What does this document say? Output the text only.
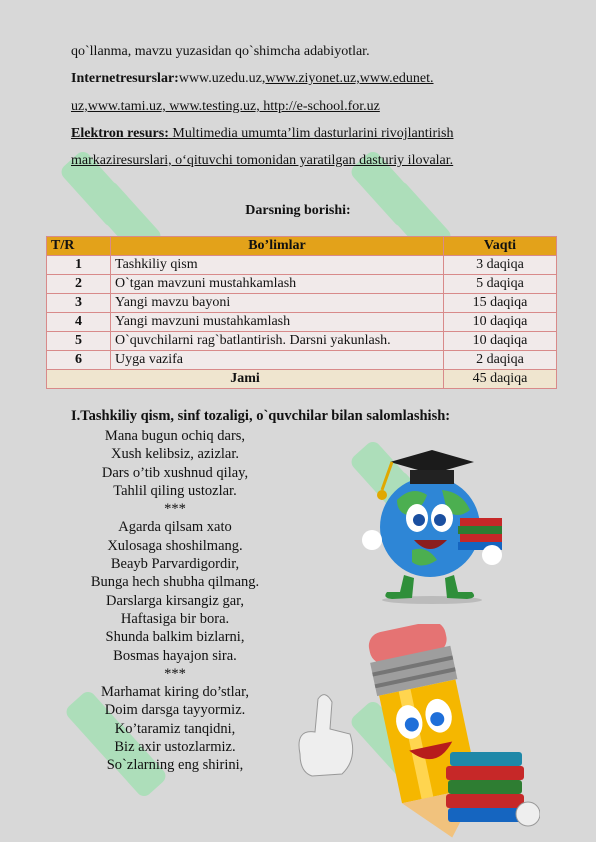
qo`llanma, mavzu yuzasidan qo`shimcha adabiyotlar.
Internetresurslar:www.uzedu.uz,www.ziyonet.uz,www.edunet.
uz,www.tami.uz, www.testing.uz, http://e-school.for.uz
Elektron resurs: Multimedia umumta’lim dasturlarini rivojlantirish
markaziresurslari, o‘qituvchi tomonidan yaratilgan dasturiy ilovalar.
Darsning borishi:
T/R	Bo’limlar	Vaqti
1	Tashkiliy qism	3 daqiqa
2	O`tgan mavzuni mustahkamlash	5 daqiqa
3	Yangi mavzu bayoni	15 daqiqa
4	Yangi mavzuni mustahkamlash	10 daqiqa
5	O`quvchilarni rag`batlantirish. Darsni yakunlash.	10 daqiqa
6	Uyga vazifa	2 daqiqa
Jami		45 daqiqa
I.Tashkiliy qism, sinf tozaligi, o`quvchilar bilan salomlashish:
Mana bugun ochiq dars,
Xush kelibsiz, azizlar.
Dars o’tib xushnud qilay,
Tahlil qiling ustozlar.
***
Agarda qilsam xato
Xulosaga shoshilmang.
Beayb Parvardigordir,
Bunga hech shubha qilmang.
Darslarga kirsangiz gar,
Haftasiga bir bora.
Shunda balkim bizlarni,
Bosmas hayajon sira.
***
Marhamat kiring do’stlar,
Doim darsga tayyormiz.
Ko’taramiz tanqidni,
Biz axir ustozlarmiz.
So`zlarning eng shirini,
